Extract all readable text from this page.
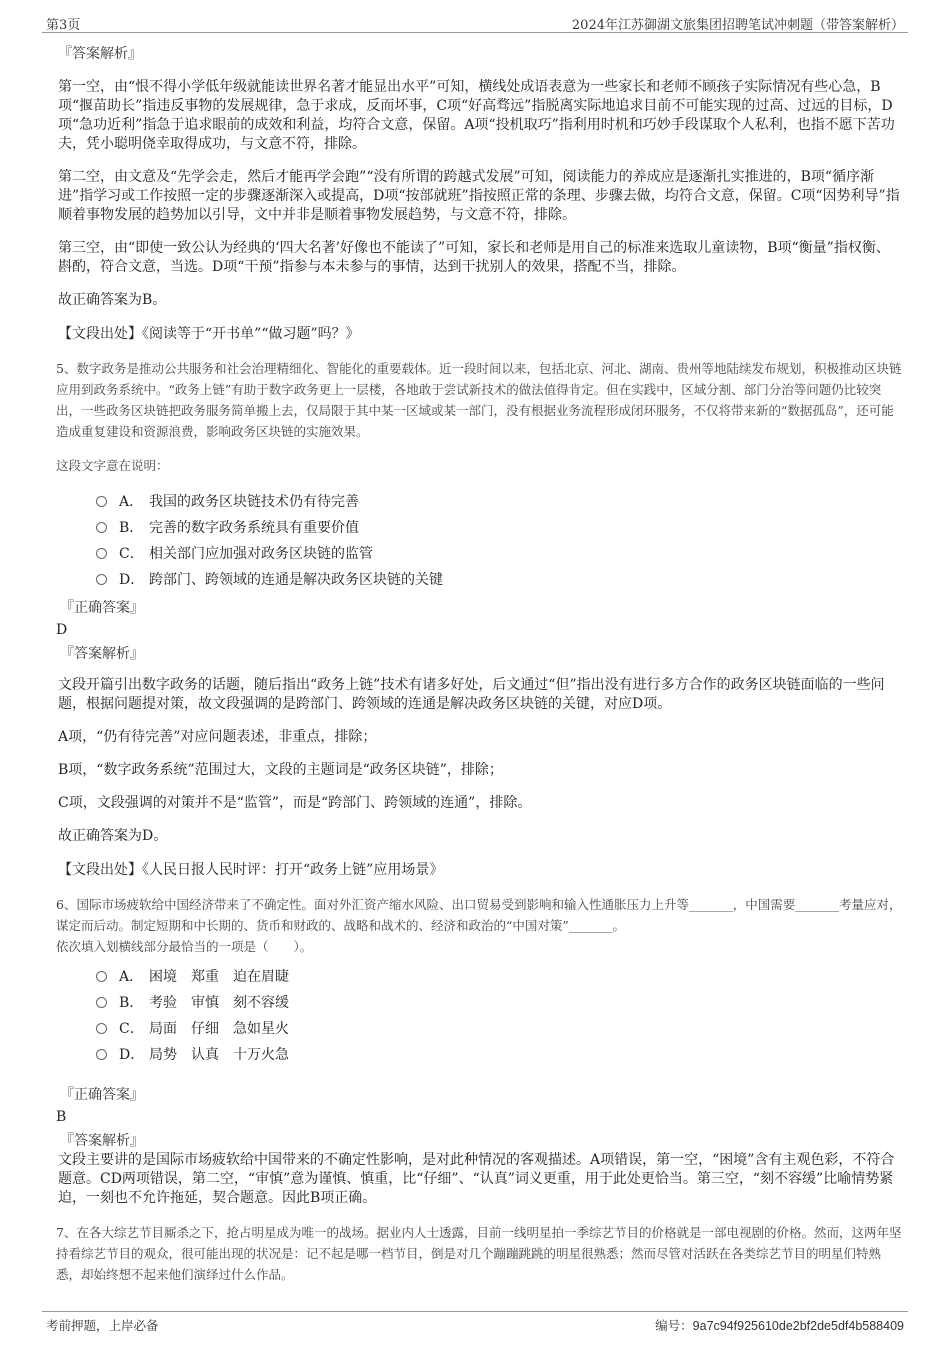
第3页	2024年江苏御湖文旅集团招聘笔试冲刺题（带答案解析）
『答案解析』

第一空，由“恨不得小学低年级就能读世界名著才能显出水平”可知，横线处成语表意为一些家长和老师不顾孩子实际情况有些心急，B项“揠苗助长”指违反事物的发展规律，急于求成，反而坏事，C项“好高骛远”指脱离实际地追求目前不可能实现的过高、过远的目标，D项“急功近利”指急于追求眼前的成效和利益，均符合文意，保留。A项“投机取巧”指利用时机和巧妙手段谋取个人私利，也指不愿下苦功夫，凭小聪明侥幸取得成功，与文意不符，排除。

第二空，由文意及“先学会走，然后才能再学会跑”“没有所谓的跨越式发展”可知，阅读能力的养成应是逐渐扎实推进的，B项“循序渐进”指学习或工作按照一定的步骤逐渐深入或提高，D项“按部就班”指按照正常的条理、步骤去做，均符合文意，保留。C项“因势利导”指顺着事物发展的趋势加以引导，文中并非是顺着事物发展趋势，与文意不符，排除。

第三空，由“即使一致公认为经典的‘四大名著’好像也不能读了”可知，家长和老师是用自己的标准来选取儿童读物，B项“衡量”指权衡、斟酌，符合文意，当选。D项“干预”指参与本未参与的事情，达到干扰别人的效果，搭配不当，排除。

故正确答案为B。

【文段出处】《阅读等于“开书单”“做习题”吗？》

5、数字政务是推动公共服务和社会治理精细化、智能化的重要载体。近一段时间以来，包括北京、河北、湖南、贵州等地陆续发布规划，积极推动区块链应用到政务系统中。“政务上链”有助于数字政务更上一层楼，各地敢于尝试新技术的做法值得肯定。但在实践中，区域分割、部门分治等问题仍比较突出，一些政务区块链把政务服务简单搬上去，仅局限于其中某一区域或某一部门，没有根据业务流程形成闭环服务，不仅将带来新的“数据孤岛”，还可能造成重复建设和资源浪费，影响政务区块链的实施效果。

这段文字意在说明：

A． 我国的政务区块链技术仍有待完善
B． 完善的数字政务系统具有重要价值
C． 相关部门应加强对政务区块链的监管
D． 跨部门、跨领域的连通是解决政务区块链的关键
『正确答案』
D
『答案解析』

文段开篇引出数字政务的话题，随后指出“政务上链”技术有诸多好处，后文通过“但”指出没有进行多方合作的政务区块链面临的一些问题，根据问题提对策，故文段强调的是跨部门、跨领域的连通是解决政务区块链的关键，对应D项。

A项，“仍有待完善”对应问题表述，非重点，排除；

B项，“数字政务系统”范围过大，文段的主题词是“政务区块链”，排除；

C项，文段强调的对策并不是“监管”，而是“跨部门、跨领域的连通”，排除。

故正确答案为D。

【文段出处】《人民日报人民时评：打开“政务上链”应用场景》

6、国际市场疲软给中国经济带来了不确定性。面对外汇资产缩水风险、出口贸易受到影响和输入性通胀压力上升等_______，中国需要_______考量应对，谋定而后动。制定短期和中长期的、货币和财政的、战略和战术的、经济和政治的“中国对策”_______。

依次填入划横线部分最恰当的一项是（　　）。

A． 困境　郑重　迫在眉睫
B． 考验　审慎　刻不容缓
C． 局面　仔细　急如星火
D． 局势　认真　十万火急
『正确答案』
B
『答案解析』

文段主要讲的是国际市场疲软给中国带来的不确定性影响，是对此种情况的客观描述。A项错误，第一空，“困境”含有主观色彩，不符合题意。CD两项错误，第二空，“审慎”意为谨慎、慎重，比“仔细”、“认真”词义更重，用于此处更恰当。第三空，“刻不容缓”比喻情势紧迫，一刻也不允许拖延，契合题意。因此B项正确。

7、在各大综艺节目厮杀之下，抢占明星成为唯一的战场。据业内人士透露，目前一线明星拍一季综艺节目的价格就是一部电视剧的价格。然而，这两年坚持看综艺节目的观众，很可能出现的状况是：记不起是哪一档节目，倒是对几个蹦蹦跳跳的明星很熟悉；然而尽管对活跃在各类综艺节目的明星们特熟悉，却始终想不起来他们演绎过什么作品。

考前押题，上岸必备	编号：9a7c94f925610de2bf2de5df4b588409
